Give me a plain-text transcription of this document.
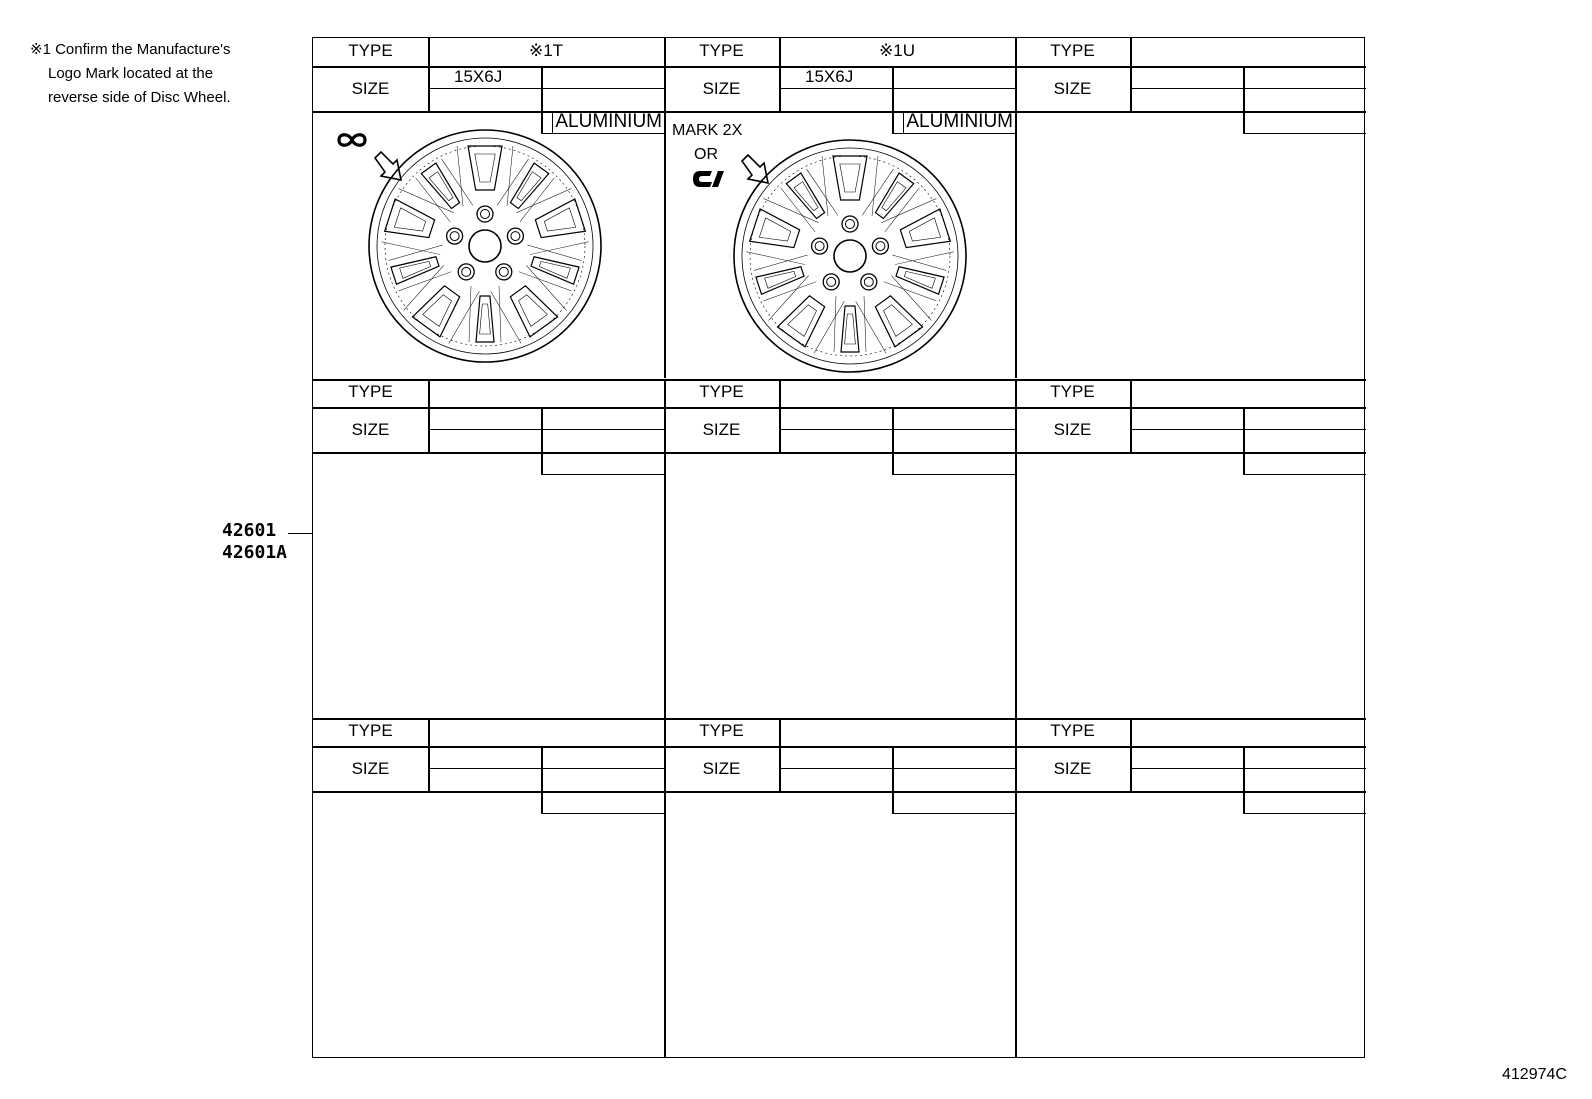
※1 Confirm the Manufacture's
Logo Mark located at the
reverse side of Disc Wheel.
42601
42601A
412974C
TYPE
SIZE
※1T
15X6J
ALUMINIUM
TYPE
SIZE
※1U
15X6J
ALUMINIUM
MARK 2X
OR
TYPE
SIZE
TYPE
SIZE
TYPE
SIZE
TYPE
SIZE
TYPE
SIZE
TYPE
SIZE
TYPE
SIZE
